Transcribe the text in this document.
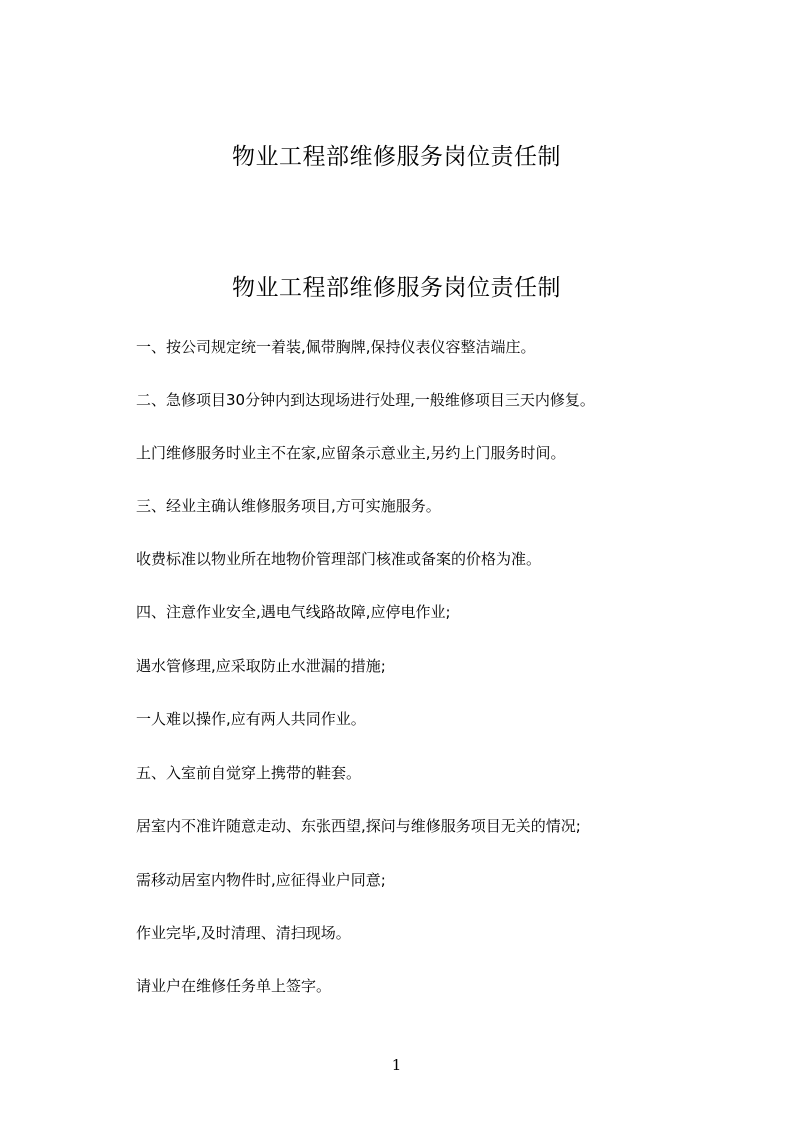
物业工程部维修服务岗位责任制
物业工程部维修服务岗位责任制
一、按公司规定统一着装,佩带胸牌,保持仪表仪容整洁端庄。
二、急修项目30分钟内到达现场进行处理,一般维修项目三天内修复。
上门维修服务时业主不在家,应留条示意业主,另约上门服务时间。
三、经业主确认维修服务项目,方可实施服务。
收费标准以物业所在地物价管理部门核准或备案的价格为准。
四、注意作业安全,遇电气线路故障,应停电作业;
遇水管修理,应采取防止水泄漏的措施;
一人难以操作,应有两人共同作业。
五、入室前自觉穿上携带的鞋套。
居室内不准许随意走动、东张西望,探问与维修服务项目无关的情况;
需移动居室内物件时,应征得业户同意;
作业完毕,及时清理、清扫现场。
请业户在维修任务单上签字。
1
